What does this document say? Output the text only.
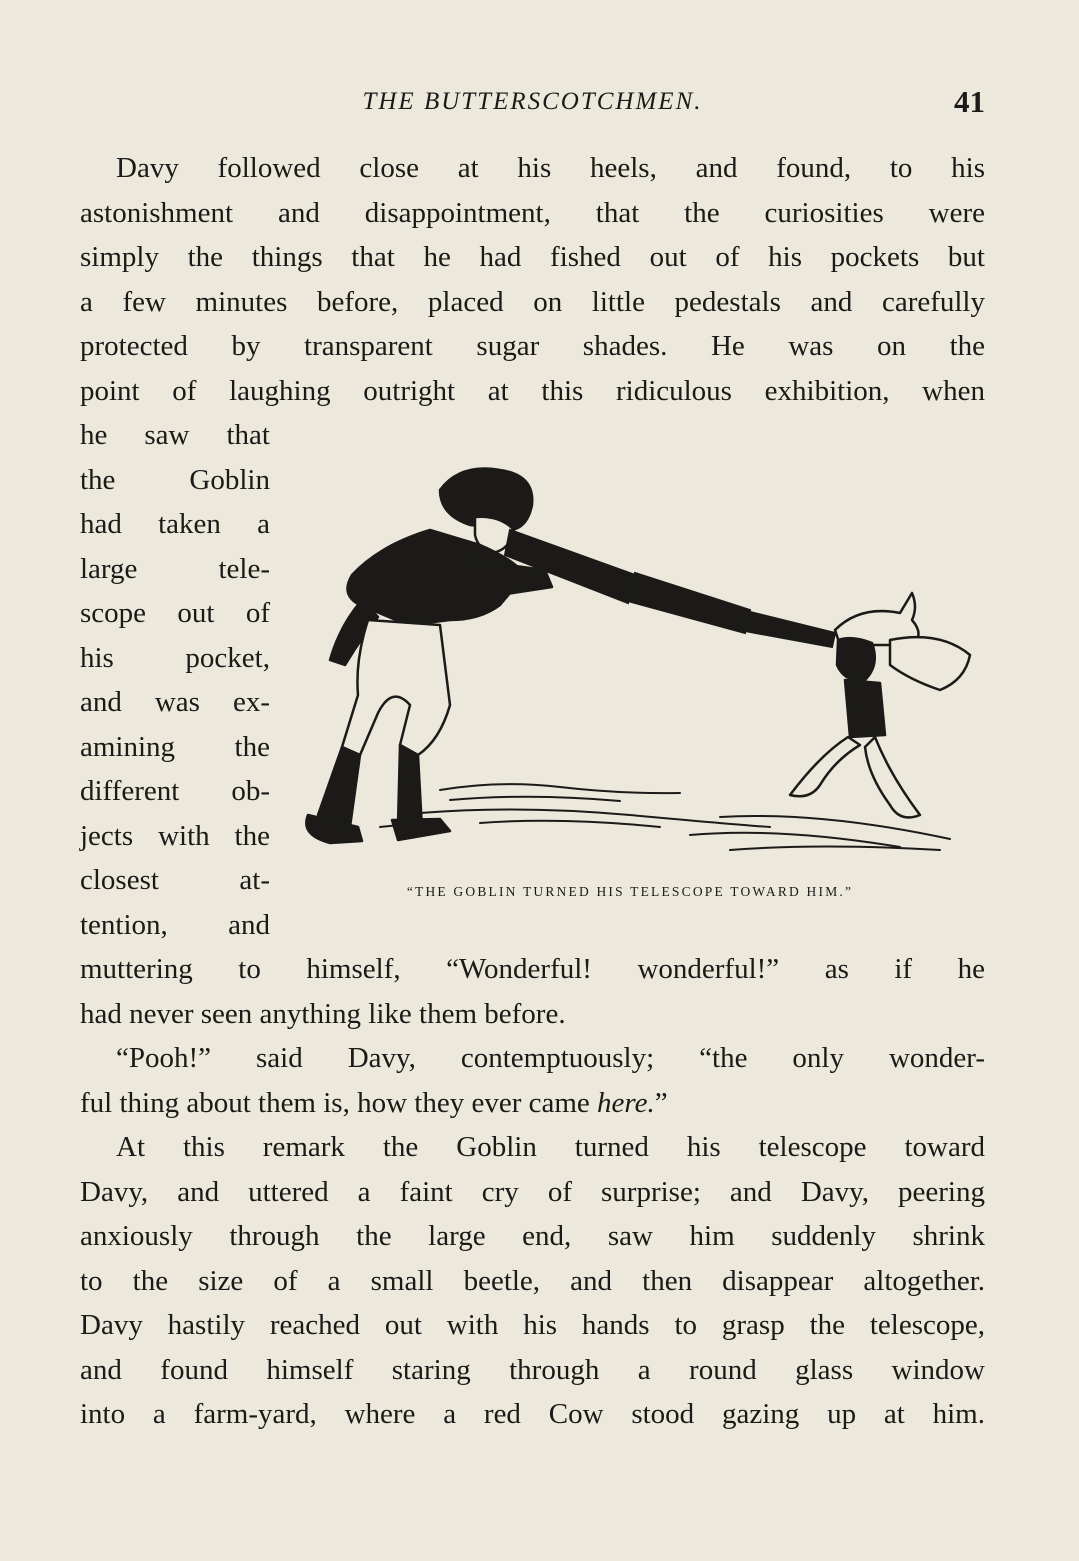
THE BUTTERSCOTCHMEN.	41
Davy followed close at his heels, and found, to his
astonishment and disappointment, that the curiosities were
simply the things that he had fished out of his pockets but
a few minutes before, placed on little pedestals and carefully
protected by transparent sugar shades. He was on the
point of laughing outright at this ridiculous exhibition, when
he saw that
the Goblin
had taken a
large tele-
scope out of
his pocket,
and was ex-
amining the
different ob-
jects with the
closest at-
tention, and
“THE GOBLIN TURNED HIS TELESCOPE TOWARD HIM.”
muttering to himself, “Wonderful! wonderful!” as if he
had never seen anything like them before.
“Pooh!” said Davy, contemptuously; “the only wonder-
ful thing about them is, how they ever came here.”
At this remark the Goblin turned his telescope toward
Davy, and uttered a faint cry of surprise; and Davy, peering
anxiously through the large end, saw him suddenly shrink
to the size of a small beetle, and then disappear altogether.
Davy hastily reached out with his hands to grasp the telescope,
and found himself staring through a round glass window
into a farm-yard, where a red Cow stood gazing up at him.
